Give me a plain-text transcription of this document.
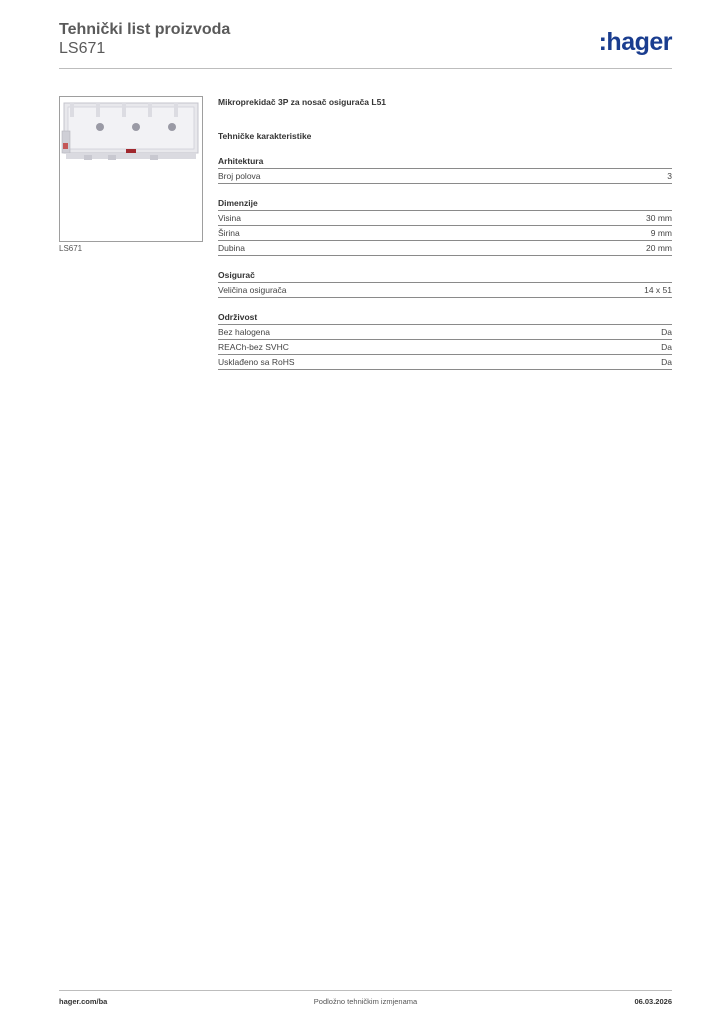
Tehnički list proizvoda
LS671	:hager
LS671
Mikroprekidač 3P za nosač osigurača L51
Tehničke karakteristike
Arhitektura
Broj polova	3
Dimenzije
Visina	30 mm
Širina	9 mm
Dubina	20 mm
Osigurač
Veličina osigurača	14 x 51
Održivost
Bez halogena	Da
REACh-bez SVHC	Da
Usklađeno sa RoHS	Da
hager.com/ba	Podložno tehničkim izmjenama	06.03.2026
